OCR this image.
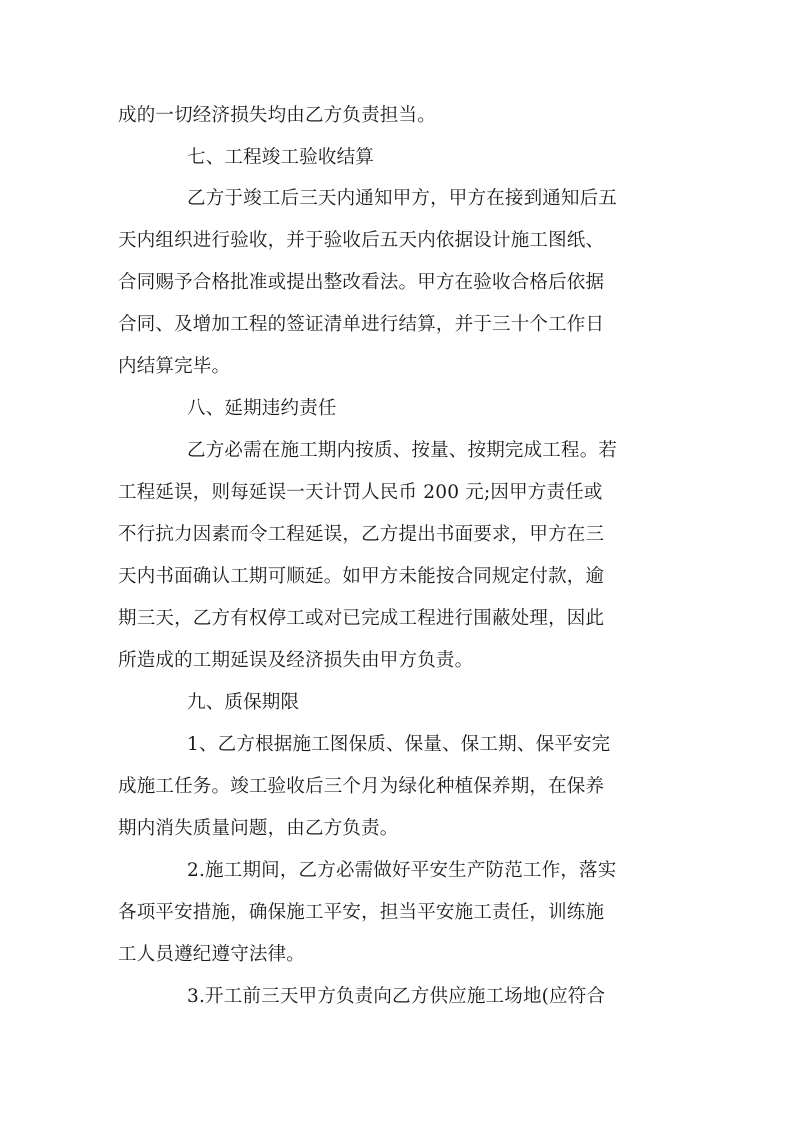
成的一切经济损失均由乙方负责担当。
七、工程竣工验收结算
乙方于竣工后三天内通知甲方，甲方在接到通知后五
天内组织进行验收，并于验收后五天内依据设计施工图纸、
合同赐予合格批准或提出整改看法。甲方在验收合格后依据
合同、及增加工程的签证清单进行结算，并于三十个工作日
内结算完毕。
八、延期违约责任
乙方必需在施工期内按质、按量、按期完成工程。若
工程延误，则每延误一天计罚人民币 200 元;因甲方责任或
不行抗力因素而令工程延误，乙方提出书面要求，甲方在三
天内书面确认工期可顺延。如甲方未能按合同规定付款，逾
期三天，乙方有权停工或对已完成工程进行围蔽处理，因此
所造成的工期延误及经济损失由甲方负责。
九、质保期限
1、乙方根据施工图保质、保量、保工期、保平安完
成施工任务。竣工验收后三个月为绿化种植保养期，在保养
期内消失质量问题，由乙方负责。
2.施工期间，乙方必需做好平安生产防范工作，落实
各项平安措施，确保施工平安，担当平安施工责任，训练施
工人员遵纪遵守法律。
3.开工前三天甲方负责向乙方供应施工场地(应符合
